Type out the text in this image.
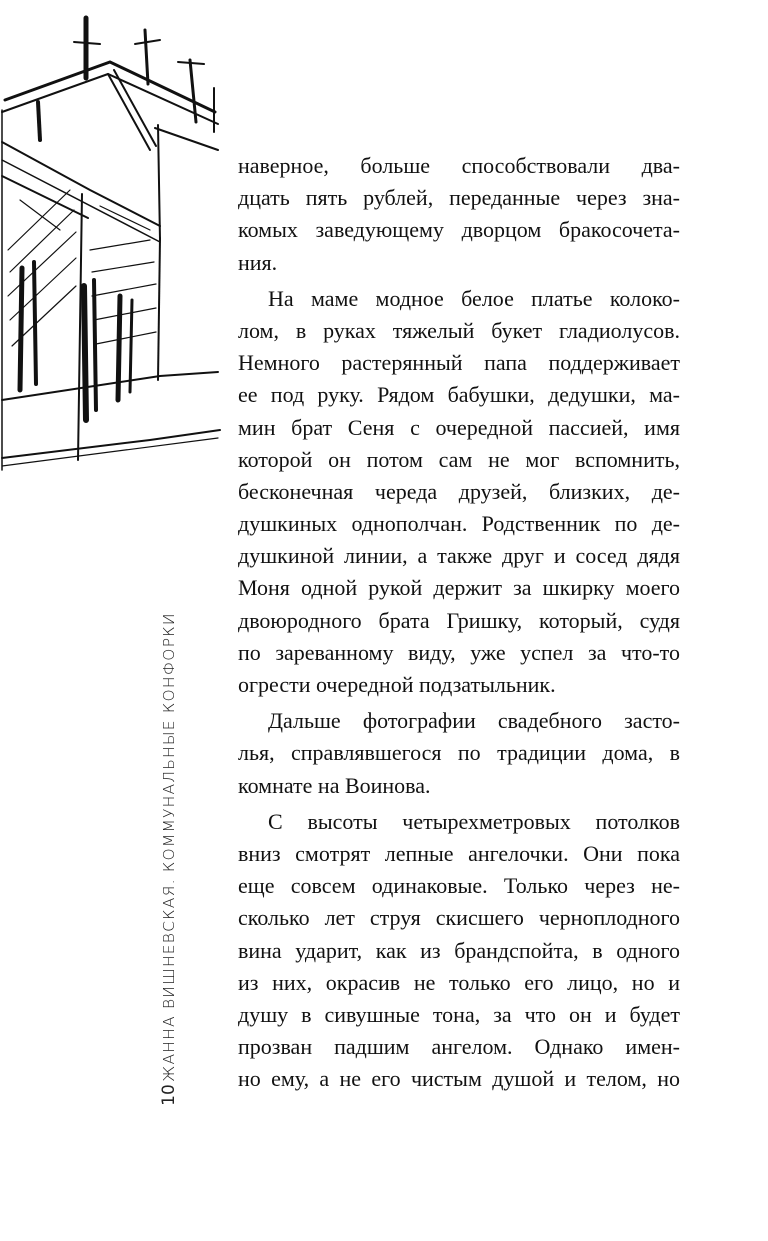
ЖАННА ВИШНЕВСКАЯ. КОММУНАЛЬНЫЕ КОНФОРКИ
10

наверное, больше способствовали два-
дцать пять рублей, переданные через зна-
комых заведующему дворцом бракосочета-
ния.

На маме модное белое платье колоко-
лом, в руках тяжелый букет гладиолусов.
Немного растерянный папа поддерживает
ее под руку. Рядом бабушки, дедушки, ма-
мин брат Сеня с очередной пассией, имя
которой он потом сам не мог вспомнить,
бесконечная череда друзей, близких, де-
душкиных однополчан. Родственник по де-
душкиной линии, а также друг и сосед дядя
Моня одной рукой держит за шкирку моего
двоюродного брата Гришку, который, судя
по зареванному виду, уже успел за что-то
огрести очередной подзатыльник.

Дальше фотографии свадебного засто-
лья, справлявшегося по традиции дома, в
комнате на Воинова.

С высоты четырехметровых потолков
вниз смотрят лепные ангелочки. Они пока
еще совсем одинаковые. Только через не-
сколько лет струя скисшего черноплодного
вина ударит, как из брандспойта, в одного
из них, окрасив не только его лицо, но и
душу в сивушные тона, за что он и будет
прозван падшим ангелом. Однако имен-
но ему, а не его чистым душой и телом, но
